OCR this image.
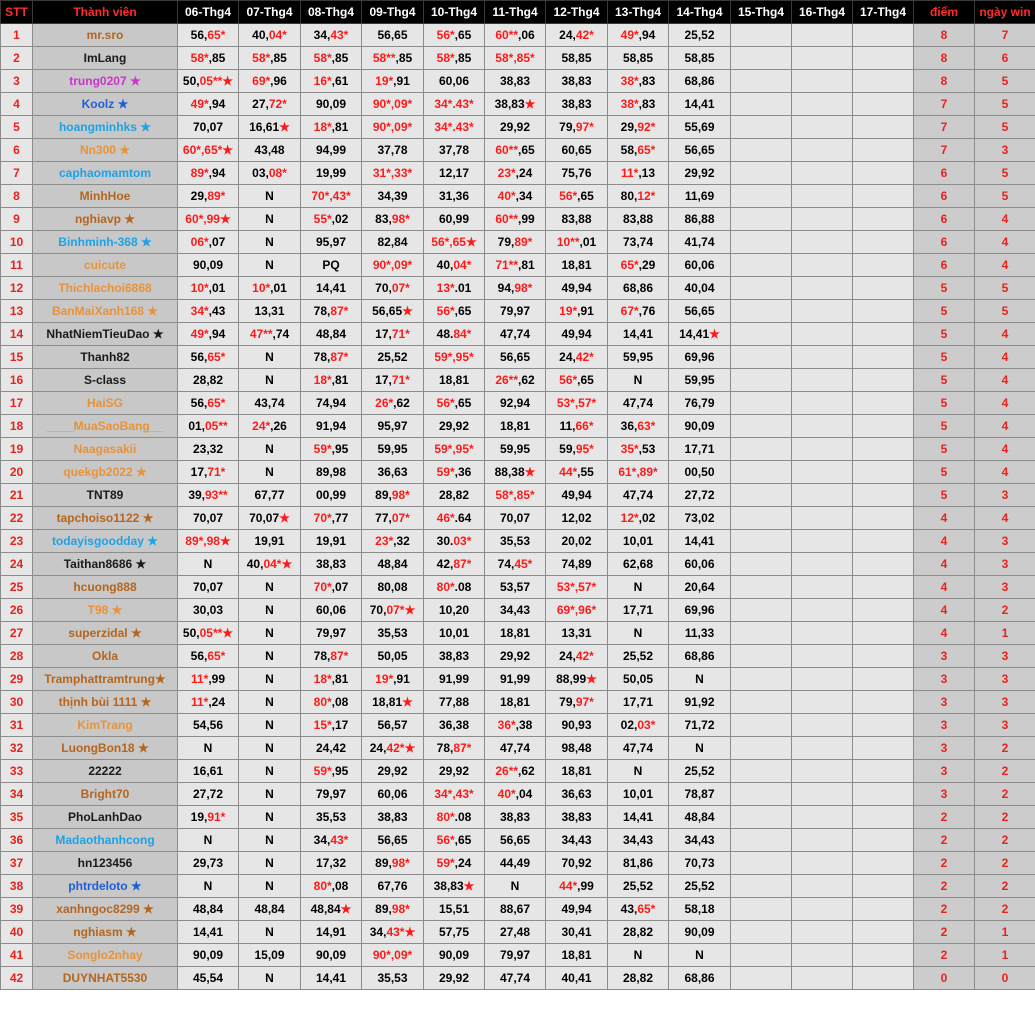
STT	Thành viên	06-Thg4	07-Thg4	08-Thg4	09-Thg4	10-Thg4	11-Thg4	12-Thg4	13-Thg4	14-Thg4	15-Thg4	16-Thg4	17-Thg4	điểm	ngày win
1	mr.sro	56,65*	40,04*	34,43*	56,65	56*,65	60**,06	24,42*	49*,94	25,52				8	7
2	ImLang	58*,85	58*,85	58*,85	58**,85	58*,85	58*,85*	58,85	58,85	58,85				8	6
3	trung0207 ★	50,05**★	69*,96	16*,61	19*,91	60,06	38,83	38,83	38*,83	68,86				8	5
4	Koolz ★	49*,94	27,72*	90,09	90*,09*	34*.43*	38,83★	38,83	38*,83	14,41				7	5
5	hoangminhks ★	70,07	16,61★	18*,81	90*,09*	34*.43*	29,92	79,97*	29,92*	55,69				7	5
6	Nn300 ★	60*,65*★	43,48	94,99	37,78	37,78	60**,65	60,65	58,65*	56,65				7	3
7	caphaomamtom	89*,94	03,08*	19,99	31*,33*	12,17	23*,24	75,76	11*,13	29,92				6	5
8	MinhHoe	29,89*	N	70*,43*	34,39	31,36	40*,34	56*,65	80,12*	11,69				6	5
9	nghiavp ★	60*,99★	N	55*,02	83,98*	60,99	60**,99	83,88	83,88	86,88				6	4
10	Binhminh-368 ★	06*,07	N	95,97	82,84	56*,65★	79,89*	10**,01	73,74	41,74				6	4
11	cuicute	90,09	N	PQ	90*,09*	40,04*	71**,81	18,81	65*,29	60,06				6	4
12	Thichlachoi6868	10*,01	10*,01	14,41	70,07*	13*.01	94,98*	49,94	68,86	40,04				5	5
13	BanMaiXanh168 ★	34*,43	13,31	78,87*	56,65★	56*,65	79,97	19*,91	67*,76	56,65				5	5
14	NhatNiemTieuDao ★	49*,94	47**,74	48,84	17,71*	48.84*	47,74	49,94	14,41	14,41★				5	4
15	Thanh82	56,65*	N	78,87*	25,52	59*,95*	56,65	24,42*	59,95	69,96				5	4
16	S-class	28,82	N	18*,81	17,71*	18,81	26**,62	56*,65	N	59,95				5	4
17	HaiSG	56,65*	43,74	74,94	26*,62	56*,65	92,94	53*,57*	47,74	76,79				5	4
18	____MuaSaoBang__	01,05**	24*,26	91,94	95,97	29,92	18,81	11,66*	36,63*	90,09				5	4
19	Naagasakii	23,32	N	59*,95	59,95	59*,95*	59,95	59,95*	35*,53	17,71				5	4
20	quekgb2022 ★	17,71*	N	89,98	36,63	59*,36	88,38★	44*,55	61*,89*	00,50				5	4
21	TNT89	39,93**	67,77	00,99	89,98*	28,82	58*,85*	49,94	47,74	27,72				5	3
22	tapchoiso1122 ★	70,07	70,07★	70*,77	77,07*	46*.64	70,07	12,02	12*,02	73,02				4	4
23	todayisgoodday ★	89*,98★	19,91	19,91	23*,32	30.03*	35,53	20,02	10,01	14,41				4	3
24	Taithan8686 ★	N	40,04*★	38,83	48,84	42,87*	74,45*	74,89	62,68	60,06				4	3
25	hcuong888	70,07	N	70*,07	80,08	80*.08	53,57	53*,57*	N	20,64				4	3
26	T98 ★	30,03	N	60,06	70,07*★	10,20	34,43	69*,96*	17,71	69,96				4	2
27	superzidal ★	50,05**★	N	79,97	35,53	10,01	18,81	13,31	N	11,33				4	1
28	Okla	56,65*	N	78,87*	50,05	38,83	29,92	24,42*	25,52	68,86				3	3
29	Tramphattramtrung★	11*,99	N	18*,81	19*,91	91,99	91,99	88,99★	50,05	N				3	3
30	thịnh bùi 1111 ★	11*,24	N	80*,08	18,81★	77,88	18,81	79,97*	17,71	91,92				3	3
31	KimTrang	54,56	N	15*,17	56,57	36,38	36*,38	90,93	02,03*	71,72				3	3
32	LuongBon18 ★	N	N	24,42	24,42*★	78,87*	47,74	98,48	47,74	N				3	2
33	22222	16,61	N	59*,95	29,92	29,92	26**,62	18,81	N	25,52				3	2
34	Bright70	27,72	N	79,97	60,06	34*,43*	40*,04	36,63	10,01	78,87				3	2
35	PhoLanhDao	19,91*	N	35,53	38,83	80*.08	38,83	38,83	14,41	48,84				2	2
36	Madaothanhcong	N	N	34,43*	56,65	56*,65	56,65	34,43	34,43	34,43				2	2
37	hn123456	29,73	N	17,32	89,98*	59*,24	44,49	70,92	81,86	70,73				2	2
38	phtrdeloto ★	N	N	80*,08	67,76	38,83★	N	44*,99	25,52	25,52				2	2
39	xanhngoc8299 ★	48,84	48,84	48,84★	89,98*	15,51	88,67	49,94	43,65*	58,18				2	2
40	nghiasm ★	14,41	N	14,91	34,43*★	57,75	27,48	30,41	28,82	90,09				2	1
41	Songlo2nhay	90,09	15,09	90,09	90*,09*	90,09	79,97	18,81	N	N				2	1
42	DUYNHAT5530	45,54	N	14,41	35,53	29,92	47,74	40,41	28,82	68,86				0	0
